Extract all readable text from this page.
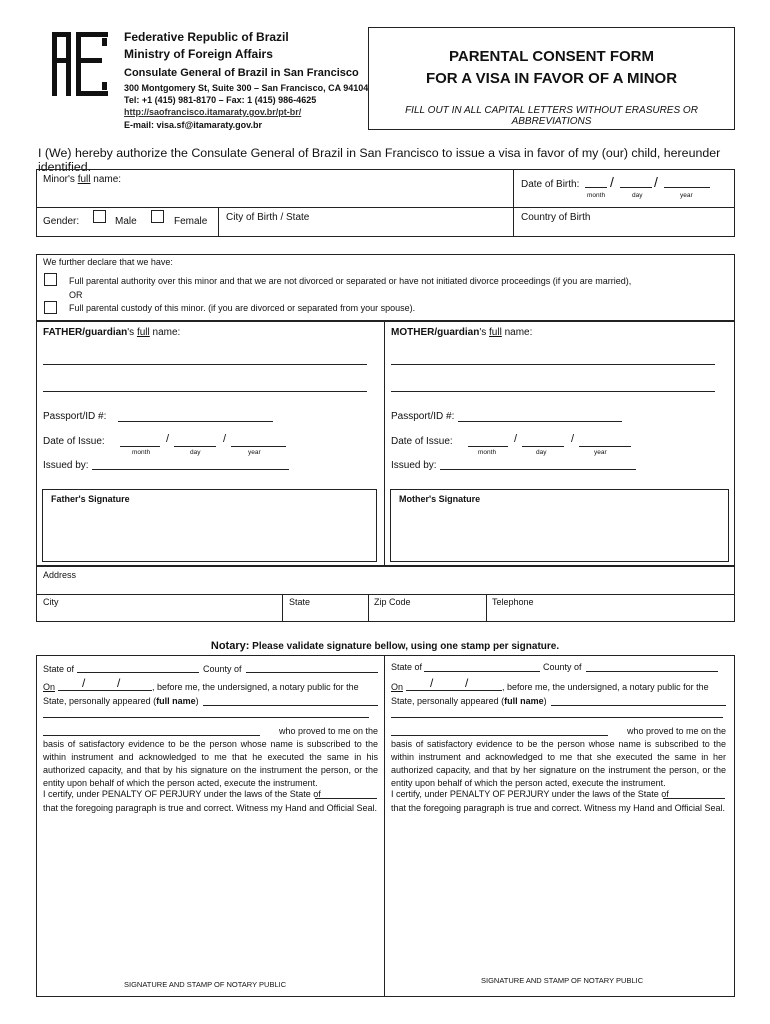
Federative Republic of Brazil
Ministry of Foreign Affairs
Consulate General of Brazil in San Francisco
300 Montgomery St, Suite 300 – San Francisco, CA 94104
Tel: +1 (415) 981-8170 – Fax: 1 (415) 986-4625
http://saofrancisco.itamaraty.gov.br/pt-br/
E-mail: visa.sf@itamaraty.gov.br
PARENTAL CONSENT FORM
FOR A VISA IN FAVOR OF A MINOR
FILL OUT IN ALL CAPITAL LETTERS WITHOUT ERASURES OR ABBREVIATIONS
I (We) hereby authorize the Consulate General of Brazil in San Francisco to issue a visa in favor of my (our) child, hereunder identified.
Minor's full name:	Date of Birth: /	/
month	day	year
Gender:	Male	Female City of Birth / State	Country of Birth
We further declare that we have:
Full parental authority over this minor and that we are not divorced or separated or have not initiated divorce proceedings (if you are married),
OR
Full parental custody of this minor. (if you are divorced or separated from your spouse).
FATHER/guardian's full name:
Passport/ID #:
Date of Issue:	/	/
month	day	year
Issued by:
Father's Signature
MOTHER/guardian's full name:
Passport/ID #:
Date of Issue:	/	/
month	day	year
Issued by:
Mother's Signature
Address
City	State	Zip Code	Telephone
Notary: Please validate signature bellow, using one stamp per signature.
State of	County of
On /	/	, before me, the undersigned, a notary public for the
State, personally appeared (full name)
who proved to me on the
basis of satisfactory evidence to be the person whose name is subscribed to the within instrument and acknowledged to me that he executed the same in his authorized capacity, and that by his signature on the instrument the person, or the entity upon behalf of which the person acted, execute the instrument.
I certify, under PENALTY OF PERJURY under the laws of the State of
that the foregoing paragraph is true and correct. Witness my Hand and Official Seal.
SIGNATURE AND STAMP OF NOTARY PUBLIC
State of	County of
On /	/	, before me, the undersigned, a notary public for the
State, personally appeared (full name)
who proved to me on the
basis of satisfactory evidence to be the person whose name is subscribed to the within instrument and acknowledged to me that she executed the same in her authorized capacity, and that by her signature on the instrument the person, or the entity upon behalf of which the person acted, execute the instrument.
I certify, under PENALTY OF PERJURY under the laws of the State of
that the foregoing paragraph is true and correct. Witness my Hand and Official Seal.
SIGNATURE AND STAMP OF NOTARY PUBLIC
